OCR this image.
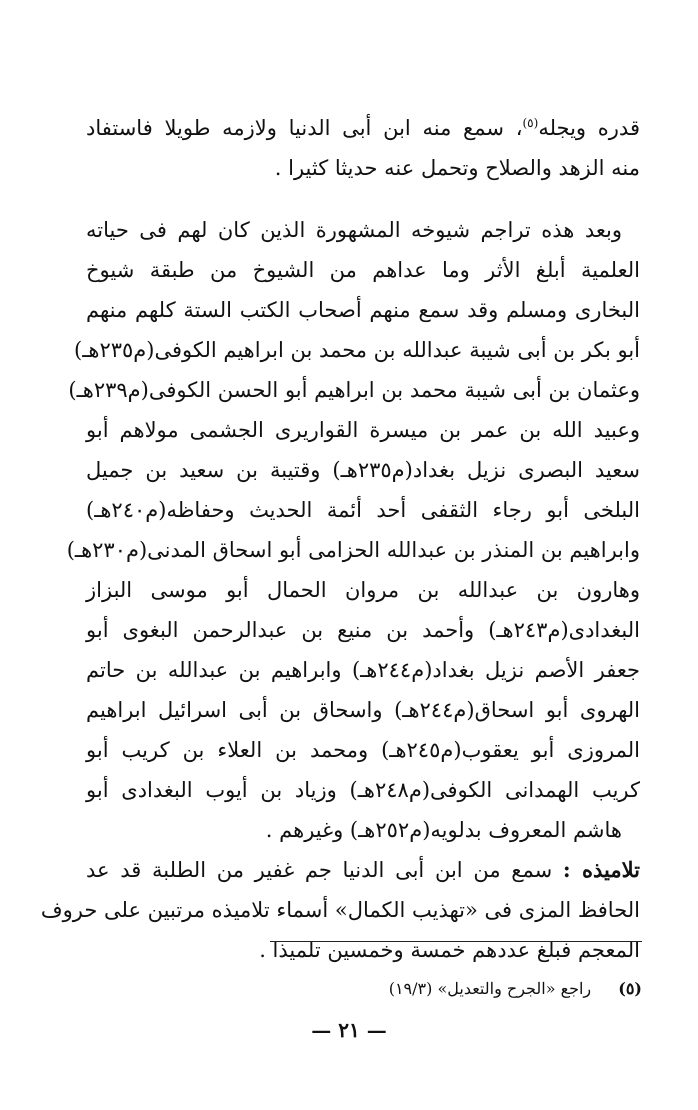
قدره ويجله$^{(٥)}$، سمع منه ابن أبى الدنيا ولازمه طويلا فاستفاد
منه الزهد والصلاح وتحمل عنه حديثا كثيرا .
وبعد هذه تراجم شيوخه المشهورة الذين كان لهم فى حياته
العلمية أبلغ الأثر وما عداهم من الشيوخ من طبقة شيوخ
البخارى ومسلم وقد سمع منهم أصحاب الكتب الستة كلهم منهم
أبو بكر بن أبى شيبة عبدالله بن محمد بن ابراهيم الكوفى(م٢٣٥هـ)
وعثمان بن أبى شيبة محمد بن ابراهيم أبو الحسن الكوفى(م٢٣٩هـ)
وعبيد الله بن عمر بن ميسرة القواريرى الجشمى مولاهم أبو
سعيد البصرى نزيل بغداد(م٢٣٥هـ) وقتيبة بن سعيد بن جميل
البلخى أبو رجاء الثقفى أحد أئمة الحديث وحفاظه(م٢٤٠هـ)
وابراهيم بن المنذر بن عبدالله الحزامى أبو اسحاق المدنى(م٢٣٠هـ)
وهارون بن عبدالله بن مروان الحمال أبو موسى البزاز
البغدادى(م٢٤٣هـ) وأحمد بن منيع بن عبدالرحمن البغوى أبو
جعفر الأصم نزيل بغداد(م٢٤٤هـ) وابراهيم بن عبدالله بن حاتم
الهروى أبو اسحاق(م٢٤٤هـ) واسحاق بن أبى اسرائيل ابراهيم
المروزى أبو يعقوب(م٢٤٥هـ) ومحمد بن العلاء بن كريب أبو
كريب الهمدانى الكوفى(م٢٤٨هـ) وزياد بن أيوب البغدادى أبو
هاشم المعروف بدلويه(م٢٥٢هـ) وغيرهم .
تلاميذه : سمع من ابن أبى الدنيا جم غفير من الطلبة قد عد
الحافظ المزى فى «تهذيب الكمال» أسماء تلاميذه مرتبين على حروف
المعجم فبلغ عددهم خمسة وخمسين تلميذا .
(٥) راجع «الجرح والتعديل» (١٩/٣)
— ٢١ —
